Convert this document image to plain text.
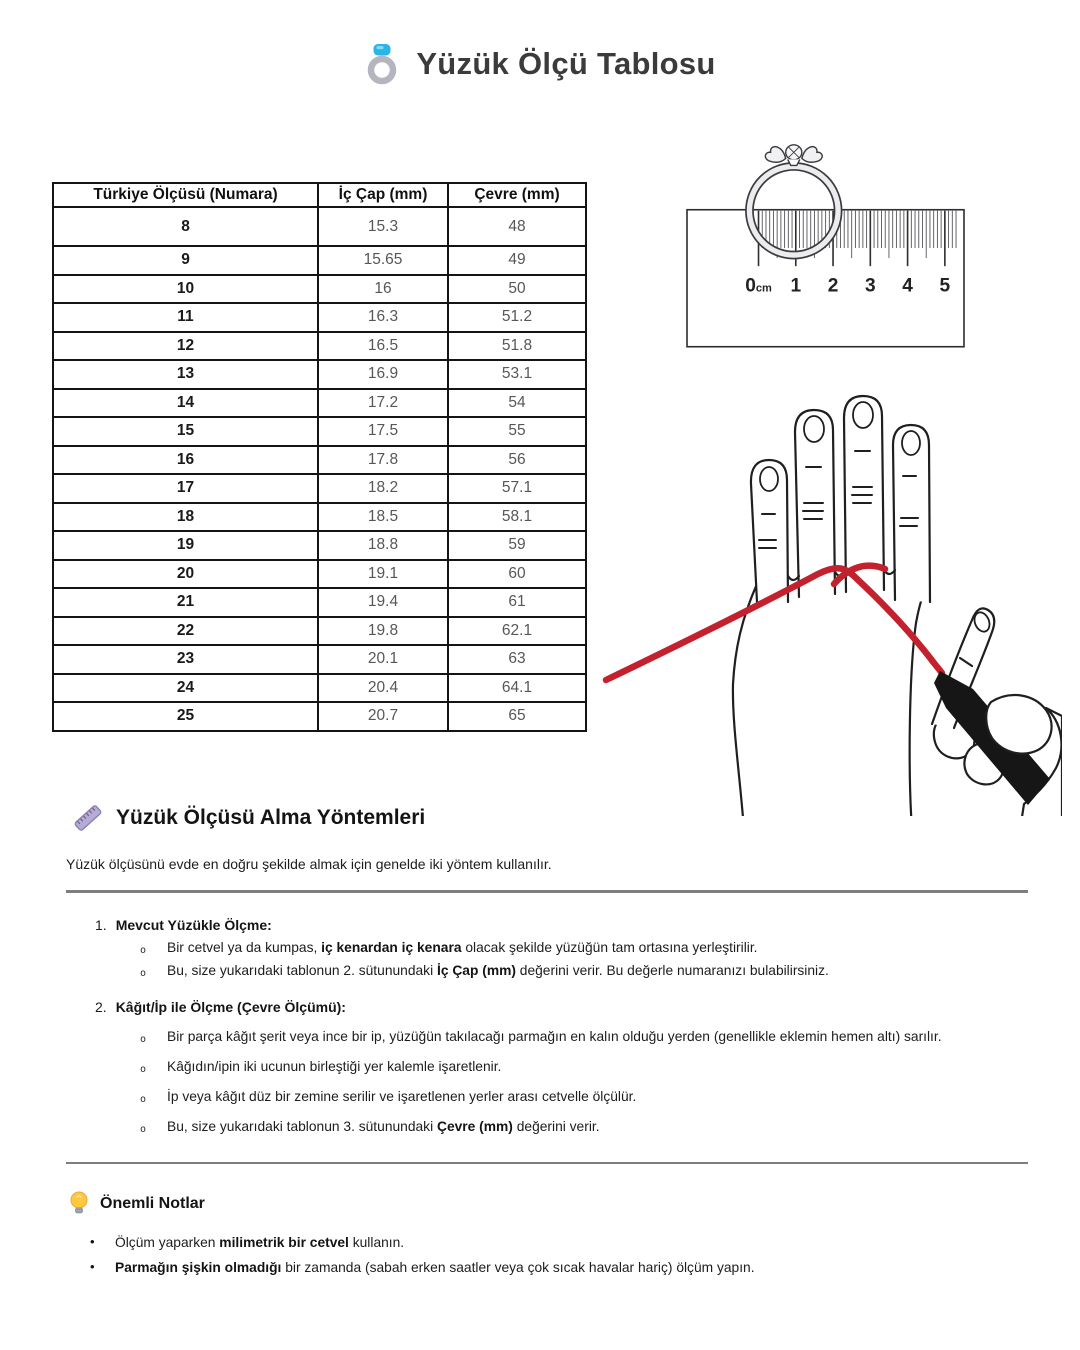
Yüzük Ölçü Tablosu
Türkiye Ölçüsü (Numara)	İç Çap (mm)	Çevre (mm)
8	15.3	48
9	15.65	49
10	16	50
11	16.3	51.2
12	16.5	51.8
13	16.9	53.1
14	17.2	54
15	17.5	55
16	17.8	56
17	18.2	57.1
18	18.5	58.1
19	18.8	59
20	19.1	60
21	19.4	61
22	19.8	62.1
23	20.1	63
24	20.4	64.1
25	20.7	65
0cm 1 2 3 4 5
Yüzük Ölçüsü Alma Yöntemleri
Yüzük ölçüsünü evde en doğru şekilde almak için genelde iki yöntem kullanılır.
1. Mevcut Yüzükle Ölçme:
o Bir cetvel ya da kumpas, iç kenardan iç kenara olacak şekilde yüzüğün tam ortasına yerleştirilir.
o Bu, size yukarıdaki tablonun 2. sütunundaki İç Çap (mm) değerini verir. Bu değerle numaranızı bulabilirsiniz.
2. Kâğıt/İp ile Ölçme (Çevre Ölçümü):
o Bir parça kâğıt şerit veya ince bir ip, yüzüğün takılacağı parmağın en kalın olduğu yerden (genellikle eklemin hemen altı) sarılır.
o Kâğıdın/ipin iki ucunun birleştiği yer kalemle işaretlenir.
o İp veya kâğıt düz bir zemine serilir ve işaretlenen yerler arası cetvelle ölçülür.
o Bu, size yukarıdaki tablonun 3. sütunundaki Çevre (mm) değerini verir.
Önemli Notlar
• Ölçüm yaparken milimetrik bir cetvel kullanın.
• Parmağın şişkin olmadığı bir zamanda (sabah erken saatler veya çok sıcak havalar hariç) ölçüm yapın.
